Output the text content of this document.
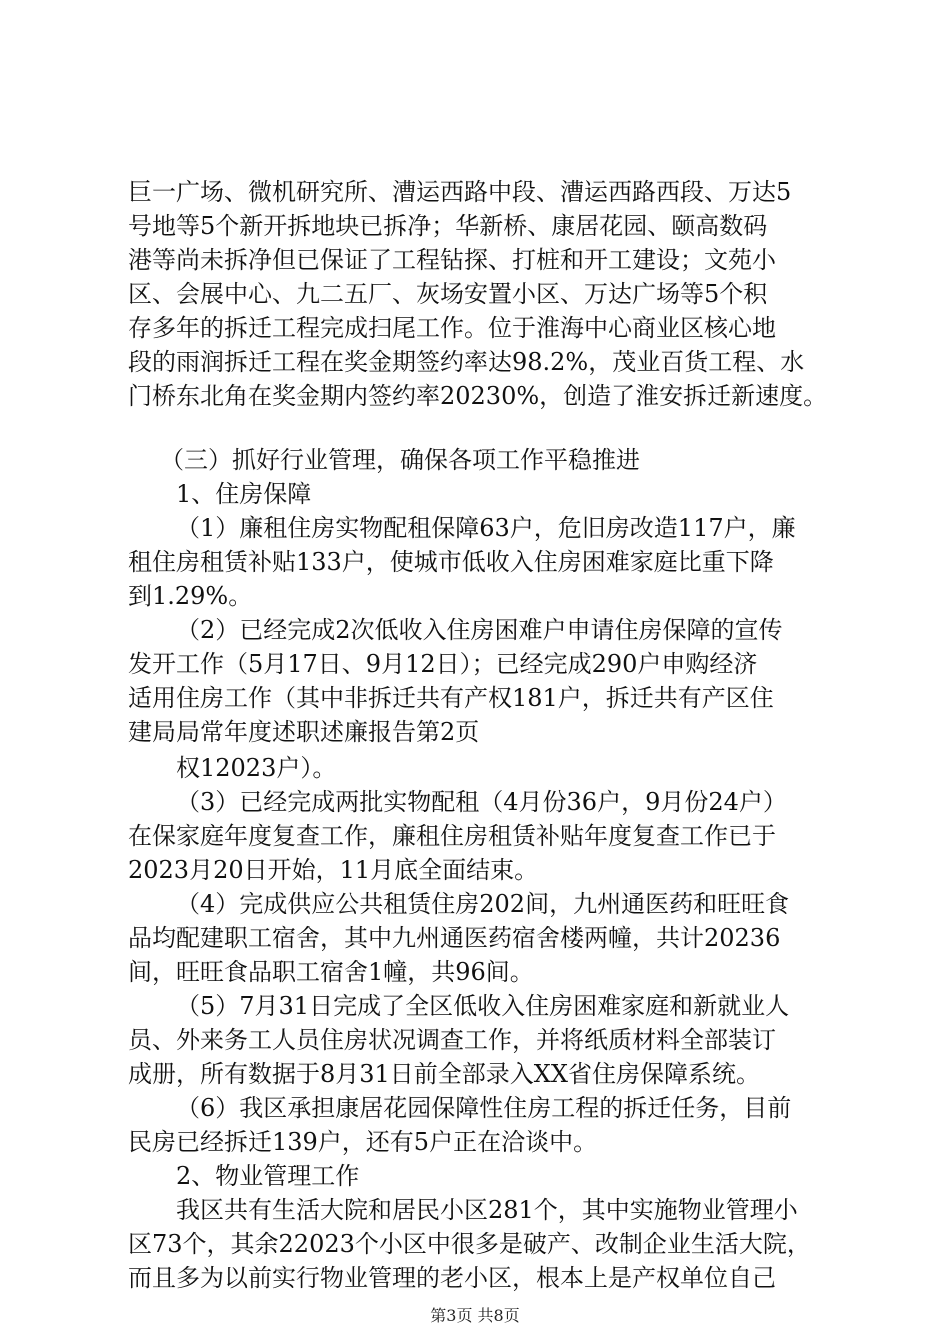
巨一广场、微机研究所、漕运西路中段、漕运西路西段、万达5
号地等5个新开拆地块已拆净；华新桥、康居花园、颐高数码
港等尚未拆净但已保证了工程钻探、打桩和开工建设；文苑小
区、会展中心、九二五厂、灰场安置小区、万达广场等5个积
存多年的拆迁工程完成扫尾工作。位于淮海中心商业区核心地
段的雨润拆迁工程在奖金期签约率达98.2%，茂业百货工程、水
门桥东北角在奖金期内签约率20230%，创造了淮安拆迁新速度。
（三）抓好行业管理，确保各项工作平稳推进
1、住房保障
（1）廉租住房实物配租保障63户，危旧房改造117户，廉
租住房租赁补贴133户，使城市低收入住房困难家庭比重下降
到1.29%。
（2）已经完成2次低收入住房困难户申请住房保障的宣传
发开工作（5月17日、9月12日）；已经完成290户申购经济
适用住房工作（其中非拆迁共有产权181户，拆迁共有产区住
建局局常年度述职述廉报告第2页
权12023户）。
（3）已经完成两批实物配租（4月份36户，9月份24户）
在保家庭年度复查工作，廉租住房租赁补贴年度复查工作已于
2023月20日开始，11月底全面结束。
（4）完成供应公共租赁住房202间，九州通医药和旺旺食
品均配建职工宿舍，其中九州通医药宿舍楼两幢，共计20236
间，旺旺食品职工宿舍1幢，共96间。
（5）7月31日完成了全区低收入住房困难家庭和新就业人
员、外来务工人员住房状况调查工作，并将纸质材料全部装订
成册，所有数据于8月31日前全部录入XX省住房保障系统。
（6）我区承担康居花园保障性住房工程的拆迁任务，目前
民房已经拆迁139户，还有5户正在洽谈中。
2、物业管理工作
我区共有生活大院和居民小区281个，其中实施物业管理小
区73个，其余22023个小区中很多是破产、改制企业生活大院，
而且多为以前实行物业管理的老小区，根本上是产权单位自己
第3页 共8页
